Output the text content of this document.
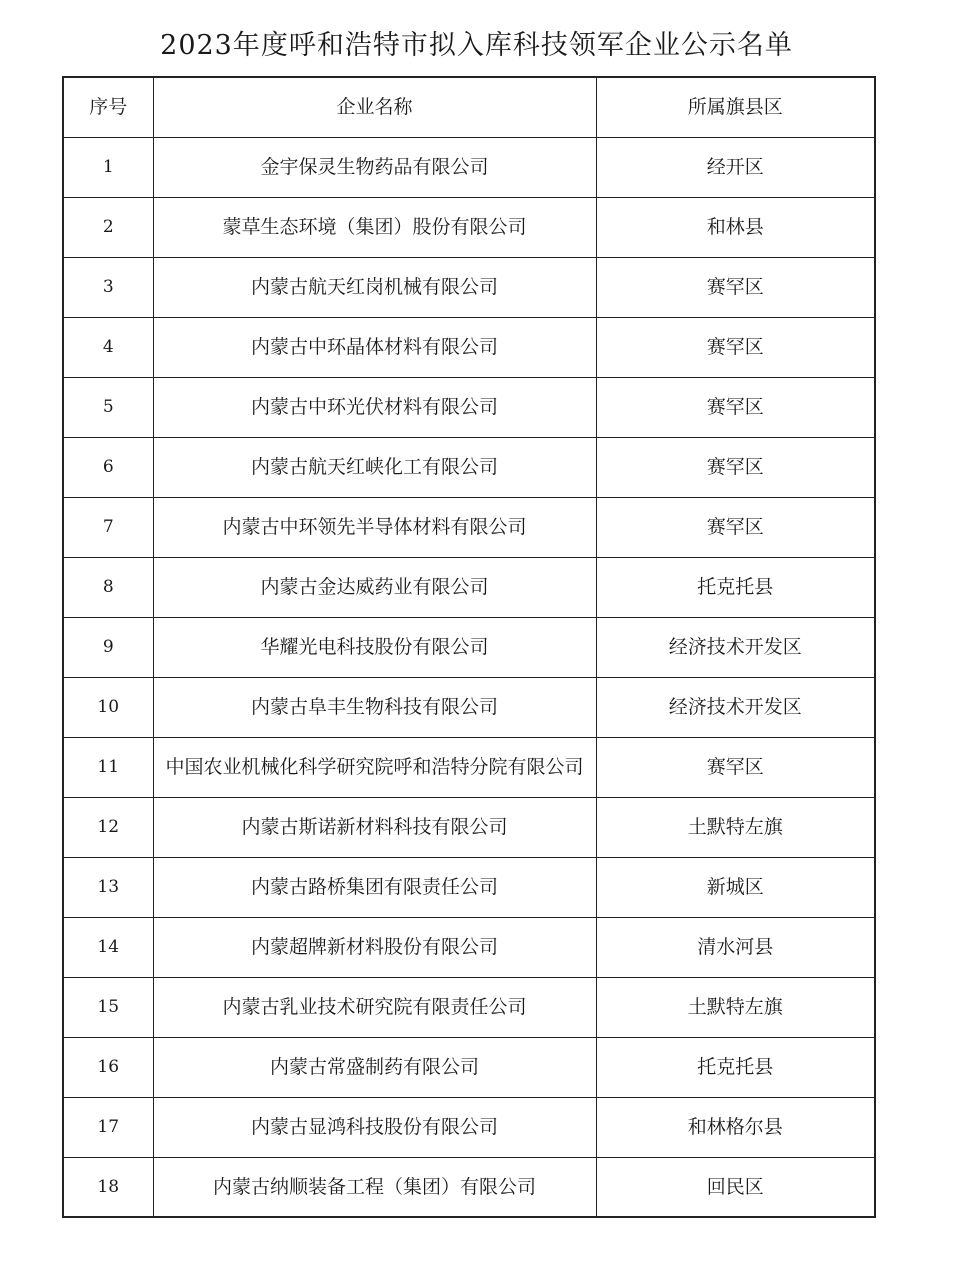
2023年度呼和浩特市拟入库科技领军企业公示名单
序号	企业名称	所属旗县区
1	金宇保灵生物药品有限公司	经开区
2	蒙草生态环境（集团）股份有限公司	和林县
3	内蒙古航天红岗机械有限公司	赛罕区
4	内蒙古中环晶体材料有限公司	赛罕区
5	内蒙古中环光伏材料有限公司	赛罕区
6	内蒙古航天红峡化工有限公司	赛罕区
7	内蒙古中环领先半导体材料有限公司	赛罕区
8	内蒙古金达威药业有限公司	托克托县
9	华耀光电科技股份有限公司	经济技术开发区
10	内蒙古阜丰生物科技有限公司	经济技术开发区
11	中国农业机械化科学研究院呼和浩特分院有限公司	赛罕区
12	内蒙古斯诺新材料科技有限公司	土默特左旗
13	内蒙古路桥集团有限责任公司	新城区
14	内蒙超牌新材料股份有限公司	清水河县
15	内蒙古乳业技术研究院有限责任公司	土默特左旗
16	内蒙古常盛制药有限公司	托克托县
17	内蒙古显鸿科技股份有限公司	和林格尔县
18	内蒙古纳顺装备工程（集团）有限公司	回民区
